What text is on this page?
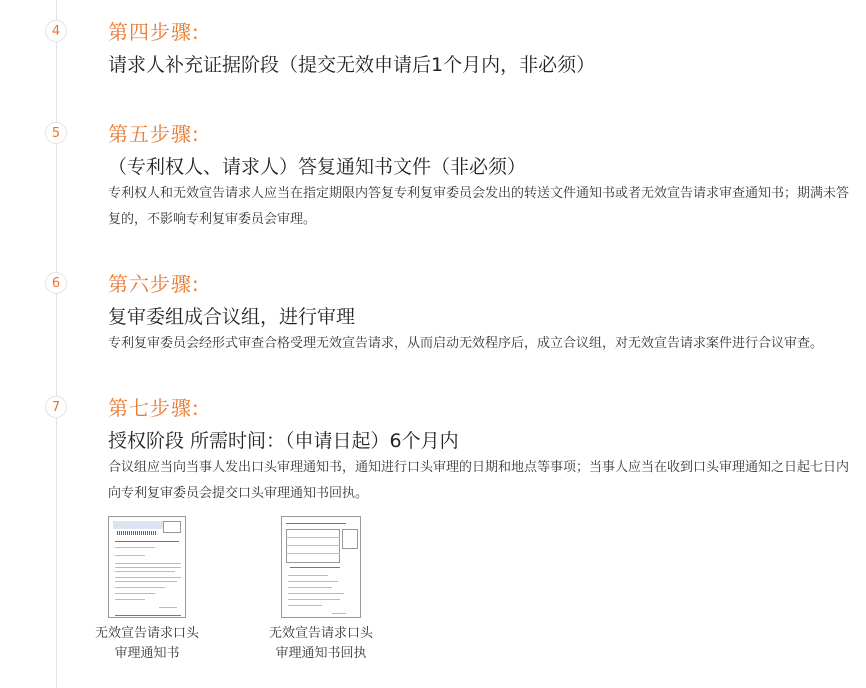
4	第四步骤:
请求人补充证据阶段（提交无效申请后1个月内，非必须）
5	第五步骤:
（专利权人、请求人）答复通知书文件（非必须）
专利权人和无效宣告请求人应当在指定期限内答复专利复审委员会发出的转送文件通知书或者无效宣告请求审查通知书；期满未答复的，不影响专利复审委员会审理。
6	第六步骤:
复审委组成合议组，进行审理
专利复审委员会经形式审查合格受理无效宣告请求，从而启动无效程序后，成立合议组，对无效宣告请求案件进行合议审查。
7	第七步骤:
授权阶段 所需时间：（申请日起）6个月内
合议组应当向当事人发出口头审理通知书，通知进行口头审理的日期和地点等事项；当事人应当在收到口头审理通知之日起七日内向专利复审委员会提交口头审理通知书回执。
无效宣告请求口头
审理通知书
无效宣告请求口头
审理通知书回执
